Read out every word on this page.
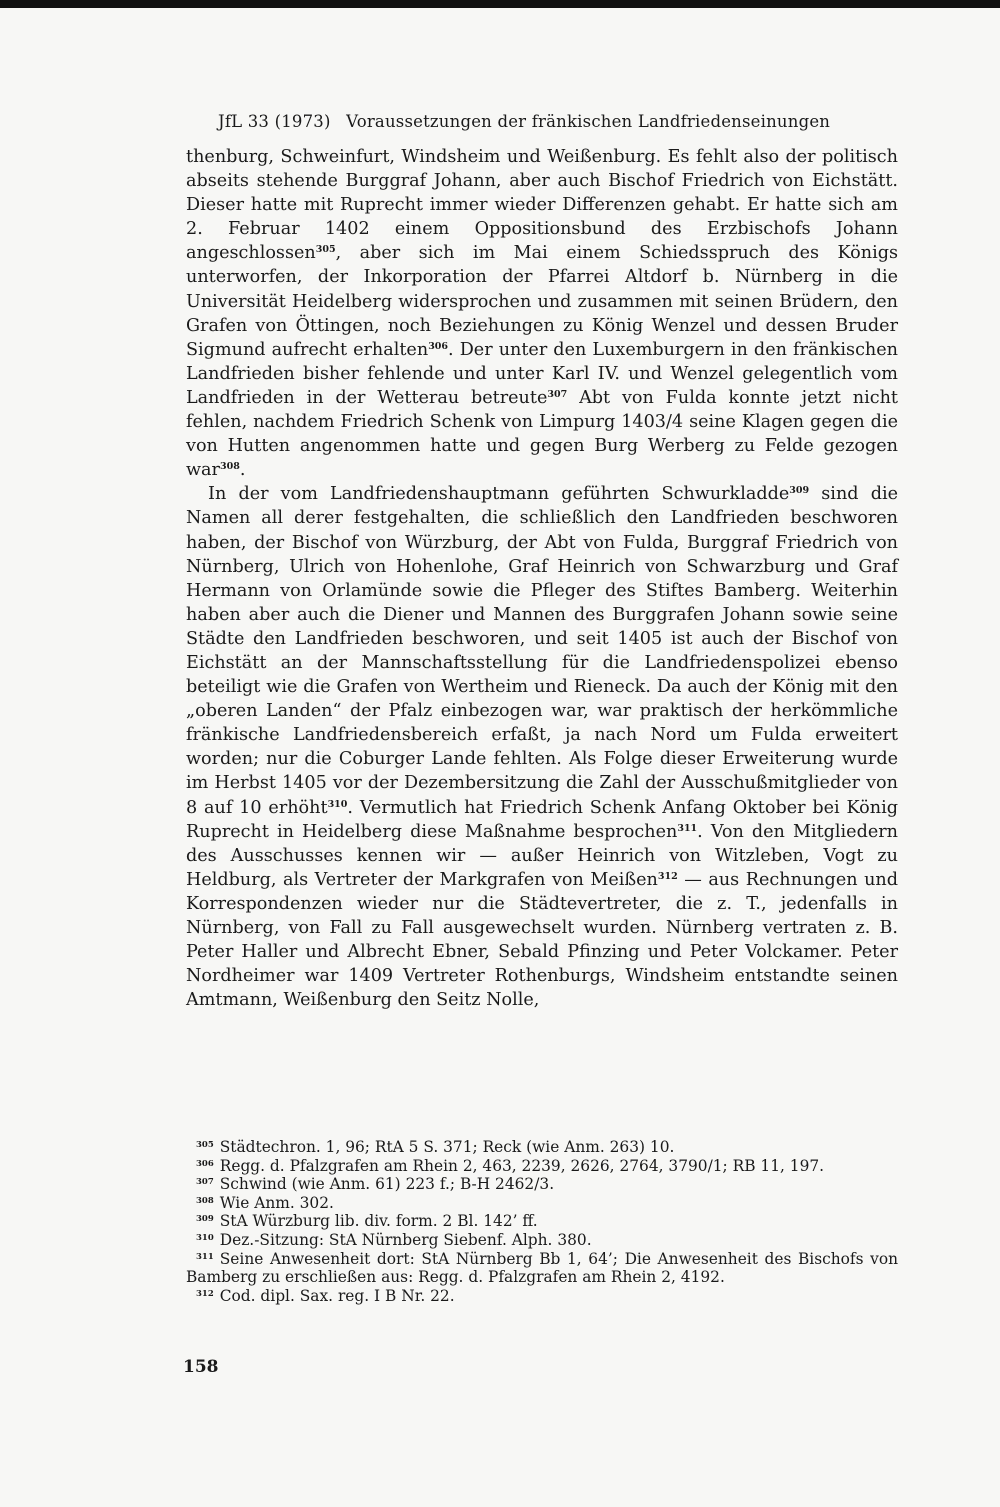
JfL 33 (1973) Voraussetzungen der fränkischen Landfriedenseinungen

thenburg, Schweinfurt, Windsheim und Weißenburg. Es fehlt also der politisch abseits stehende Burggraf Johann, aber auch Bischof Friedrich von Eichstätt. Dieser hatte mit Ruprecht immer wieder Differenzen gehabt. Er hatte sich am 2. Februar 1402 einem Oppositionsbund des Erzbischofs Johann angeschlossen$^{305}$, aber sich im Mai einem Schiedsspruch des Königs unterworfen, der Inkorporation der Pfarrei Altdorf b. Nürnberg in die Universität Heidelberg widersprochen und zusammen mit seinen Brüdern, den Grafen von Öttingen, noch Beziehungen zu König Wenzel und dessen Bruder Sigmund aufrecht erhalten$^{306}$. Der unter den Luxemburgern in den fränkischen Landfrieden bisher fehlende und unter Karl IV. und Wenzel gelegentlich vom Landfrieden in der Wetterau betreute$^{307}$ Abt von Fulda konnte jetzt nicht fehlen, nachdem Friedrich Schenk von Limpurg 1403/4 seine Klagen gegen die von Hutten angenommen hatte und gegen Burg Werberg zu Felde gezogen war$^{308}$.

In der vom Landfriedenshauptmann geführten Schwurkladde$^{309}$ sind die Namen all derer festgehalten, die schließlich den Landfrieden beschworen haben, der Bischof von Würzburg, der Abt von Fulda, Burggraf Friedrich von Nürnberg, Ulrich von Hohenlohe, Graf Heinrich von Schwarzburg und Graf Hermann von Orlamünde sowie die Pfleger des Stiftes Bamberg. Weiterhin haben aber auch die Diener und Mannen des Burggrafen Johann sowie seine Städte den Landfrieden beschworen, und seit 1405 ist auch der Bischof von Eichstätt an der Mannschaftsstellung für die Landfriedenspolizei ebenso beteiligt wie die Grafen von Wertheim und Rieneck. Da auch der König mit den „oberen Landen“ der Pfalz einbezogen war, war praktisch der herkömmliche fränkische Landfriedensbereich erfaßt, ja nach Nord um Fulda erweitert worden; nur die Coburger Lande fehlten. Als Folge dieser Erweiterung wurde im Herbst 1405 vor der Dezembersitzung die Zahl der Ausschußmitglieder von 8 auf 10 erhöht$^{310}$. Vermutlich hat Friedrich Schenk Anfang Oktober bei König Ruprecht in Heidelberg diese Maßnahme besprochen$^{311}$. Von den Mitgliedern des Ausschusses kennen wir — außer Heinrich von Witzleben, Vogt zu Heldburg, als Vertreter der Markgrafen von Meißen$^{312}$ — aus Rechnungen und Korrespondenzen wieder nur die Städtevertreter, die z. T., jedenfalls in Nürnberg, von Fall zu Fall ausgewechselt wurden. Nürnberg vertraten z. B. Peter Haller und Albrecht Ebner, Sebald Pfinzing und Peter Volckamer. Peter Nordheimer war 1409 Vertreter Rothenburgs, Windsheim entstandte seinen Amtmann, Weißenburg den Seitz Nolle,

$^{305}$ Städtechron. 1, 96; RtA 5 S. 371; Reck (wie Anm. 263) 10.

$^{306}$ Regg. d. Pfalzgrafen am Rhein 2, 463, 2239, 2626, 2764, 3790/1; RB 11, 197.

$^{307}$ Schwind (wie Anm. 61) 223 f.; B-H 2462/3.

$^{308}$ Wie Anm. 302.

$^{309}$ StA Würzburg lib. div. form. 2 Bl. 142’ ff.

$^{310}$ Dez.-Sitzung: StA Nürnberg Siebenf. Alph. 380.

$^{311}$ Seine Anwesenheit dort: StA Nürnberg Bb 1, 64’; Die Anwesenheit des Bischofs von Bamberg zu erschließen aus: Regg. d. Pfalzgrafen am Rhein 2, 4192.

$^{312}$ Cod. dipl. Sax. reg. I B Nr. 22.

158
